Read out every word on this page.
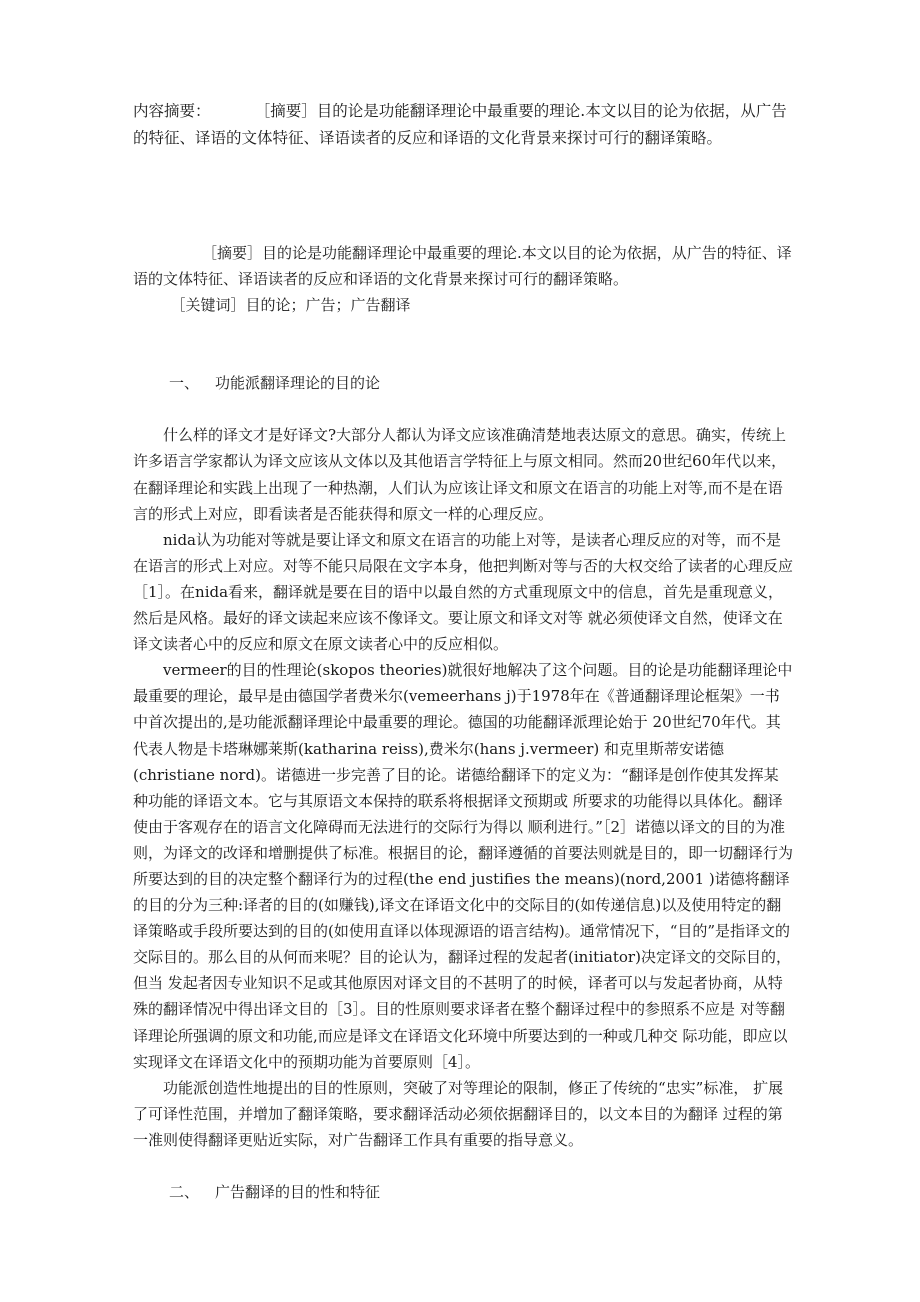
内容摘要：	［摘要］目的论是功能翻译理论中最重要的理论.本文以目的论为依据，从广告的特征、译语的文体特征、译语读者的反应和译语的文化背景来探讨可行的翻译策略。

［摘要］目的论是功能翻译理论中最重要的理论.本文以目的论为依据，从广告的特征、译语的文体特征、译语读者的反应和译语的文化背景来探讨可行的翻译策略。

［关键词］目的论；广告；广告翻译

一、 功能派翻译理论的目的论

什么样的译文才是好译文?大部分人都认为译文应该准确清楚地表达原文的意思。确实，传统上许多语言学家都认为译文应该从文体以及其他语言学特征上与原文相同。然而20世纪60年代以来，在翻译理论和实践上出现了一种热潮，人们认为应该让译文和原文在语言的功能上对等,而不是在语言的形式上对应，即看读者是否能获得和原文一样的心理反应。

nida认为功能对等就是要让译文和原文在语言的功能上对等，是读者心理反应的对等，而不是在语言的形式上对应。对等不能只局限在文字本身，他把判断对等与否的大权交给了读者的心理反应［1］。在nida看来，翻译就是要在目的语中以最自然的方式重现原文中的信息，首先是重现意义，然后是风格。最好的译文读起来应该不像译文。要让原文和译文对等 就必须使译文自然，使译文在译文读者心中的反应和原文在原文读者心中的反应相似。

vermeer的目的性理论(skopos theories)就很好地解决了这个问题。目的论是功能翻译理论中最重要的理论，最早是由德国学者费米尔(vemeerhans j)于1978年在《普通翻译理论框架》一书中首次提出的,是功能派翻译理论中最重要的理论。德国的功能翻译派理论始于 20世纪70年代。其代表人物是卡塔琳娜莱斯(katharina reiss),费米尔(hans j.vermeer) 和克里斯蒂安诺德(christiane nord)。诺德进一步完善了目的论。诺德给翻译下的定义为：“翻译是创作使其发挥某种功能的译语文本。它与其原语文本保持的联系将根据译文预期或 所要求的功能得以具体化。翻译使由于客观存在的语言文化障碍而无法进行的交际行为得以 顺利进行。”［2］诺德以译文的目的为准则，为译文的改译和增删提供了标准。根据目的论，翻译遵循的首要法则就是目的，即一切翻译行为所要达到的目的决定整个翻译行为的过程(the end justifies the means)(nord,2001 )诺德将翻译的目的分为三种:译者的目的(如赚钱),译文在译语文化中的交际目的(如传递信息)以及使用特定的翻译策略或手段所要达到的目的(如使用直译以体现源语的语言结构)。通常情况下，“目的”是指译文的交际目的。那么目的从何而来呢？目的论认为，翻译过程的发起者(initiator)决定译文的交际目的，但当 发起者因专业知识不足或其他原因对译文目的不甚明了的时候，译者可以与发起者协商，从特 殊的翻译情况中得出译文目的［3］。目的性原则要求译者在整个翻译过程中的参照系不应是 对等翻译理论所强调的原文和功能,而应是译文在译语文化环境中所要达到的一种或几种交 际功能，即应以实现译文在译语文化中的预期功能为首要原则［4］。

功能派创造性地提出的目的性原则，突破了对等理论的限制，修正了传统的“忠实”标准， 扩展了可译性范围，并增加了翻译策略，要求翻译活动必须依据翻译目的，以文本目的为翻译 过程的第一准则使得翻译更贴近实际，对广告翻译工作具有重要的指导意义。

二、 广告翻译的目的性和特征
